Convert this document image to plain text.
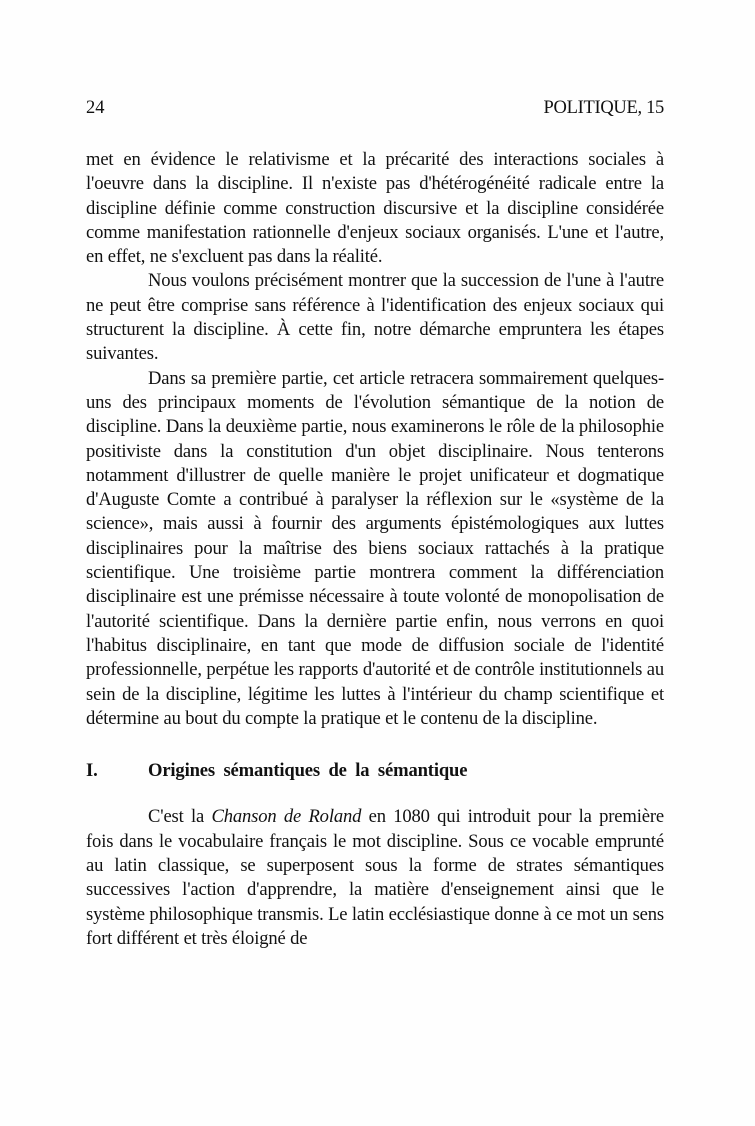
24	POLITIQUE, 15

met en évidence le relativisme et la précarité des interactions sociales à l'oeuvre dans la discipline. Il n'existe pas d'hétérogénéité radicale entre la discipline définie comme construction discursive et la discipline considérée comme manifestation rationnelle d'enjeux sociaux organisés. L'une et l'autre, en effet, ne s'excluent pas dans la réalité.

Nous voulons précisément montrer que la succession de l'une à l'autre ne peut être comprise sans référence à l'identification des enjeux sociaux qui structurent la discipline. À cette fin, notre démarche empruntera les étapes suivantes.

Dans sa première partie, cet article retracera sommairement quelques-uns des principaux moments de l'évolution sémantique de la notion de discipline. Dans la deuxième partie, nous examinerons le rôle de la philosophie positiviste dans la constitution d'un objet disciplinaire. Nous tenterons notamment d'illustrer de quelle manière le projet unificateur et dogmatique d'Auguste Comte a contribué à paralyser la réflexion sur le «système de la science», mais aussi à fournir des arguments épistémologiques aux luttes disciplinaires pour la maîtrise des biens sociaux rattachés à la pratique scientifique. Une troisième partie montrera comment la différenciation disciplinaire est une prémisse nécessaire à toute volonté de monopolisation de l'autorité scientifique. Dans la dernière partie enfin, nous verrons en quoi l'habitus disciplinaire, en tant que mode de diffusion sociale de l'identité professionnelle, perpétue les rapports d'autorité et de contrôle institutionnels au sein de la discipline, légitime les luttes à l'intérieur du champ scientifique et détermine au bout du compte la pratique et le contenu de la discipline.

I.	Origines sémantiques de la sémantique

C'est la Chanson de Roland en 1080 qui introduit pour la première fois dans le vocabulaire français le mot discipline. Sous ce vocable emprunté au latin classique, se superposent sous la forme de strates sémantiques successives l'action d'apprendre, la matière d'enseignement ainsi que le système philosophique transmis. Le latin ecclésiastique donne à ce mot un sens fort différent et très éloigné de
